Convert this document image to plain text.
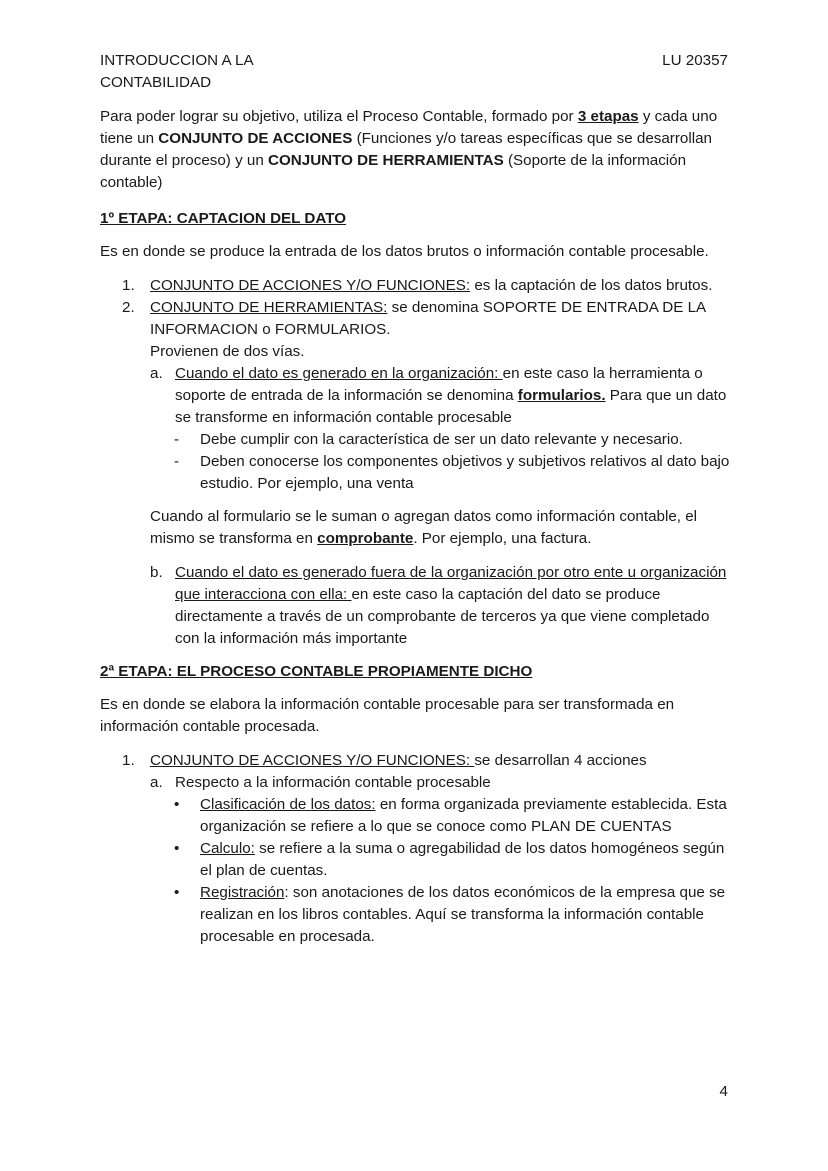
INTRODUCCION A LA
CONTABILIDAD
LU 20357

Para poder lograr su objetivo, utiliza el Proceso Contable, formado por 3 etapas y cada uno tiene un CONJUNTO DE ACCIONES (Funciones y/o tareas específicas que se desarrollan durante el proceso) y un CONJUNTO DE HERRAMIENTAS (Soporte de la información contable)

1º ETAPA: CAPTACION DEL DATO

Es en donde se produce la entrada de los datos brutos o información contable procesable.

1. CONJUNTO DE ACCIONES Y/O FUNCIONES: es la captación de los datos brutos.
2. CONJUNTO DE HERRAMIENTAS: se denomina SOPORTE DE ENTRADA DE LA INFORMACION o FORMULARIOS.
Provienen de dos vías.
a. Cuando el dato es generado en la organización: en este caso la herramienta o soporte de entrada de la información se denomina formularios. Para que un dato se transforme en información contable procesable
- Debe cumplir con la característica de ser un dato relevante y necesario.
- Deben conocerse los componentes objetivos y subjetivos relativos al dato bajo estudio. Por ejemplo, una venta

Cuando al formulario se le suman o agregan datos como información contable, el mismo se transforma en comprobante. Por ejemplo, una factura.

b. Cuando el dato es generado fuera de la organización por otro ente u organización que interacciona con ella: en este caso la captación del dato se produce directamente a través de un comprobante de terceros ya que viene completado con la información más importante

2ª ETAPA: EL PROCESO CONTABLE PROPIAMENTE DICHO

Es en donde se elabora la información contable procesable para ser transformada en información contable procesada.

1. CONJUNTO DE ACCIONES Y/O FUNCIONES: se desarrollan 4 acciones
a. Respecto a la información contable procesable
• Clasificación de los datos: en forma organizada previamente establecida. Esta organización se refiere a lo que se conoce como PLAN DE CUENTAS
• Calculo: se refiere a la suma o agregabilidad de los datos homogéneos según el plan de cuentas.
• Registración: son anotaciones de los datos económicos de la empresa que se realizan en los libros contables. Aquí se transforma la información contable procesable en procesada.
4
